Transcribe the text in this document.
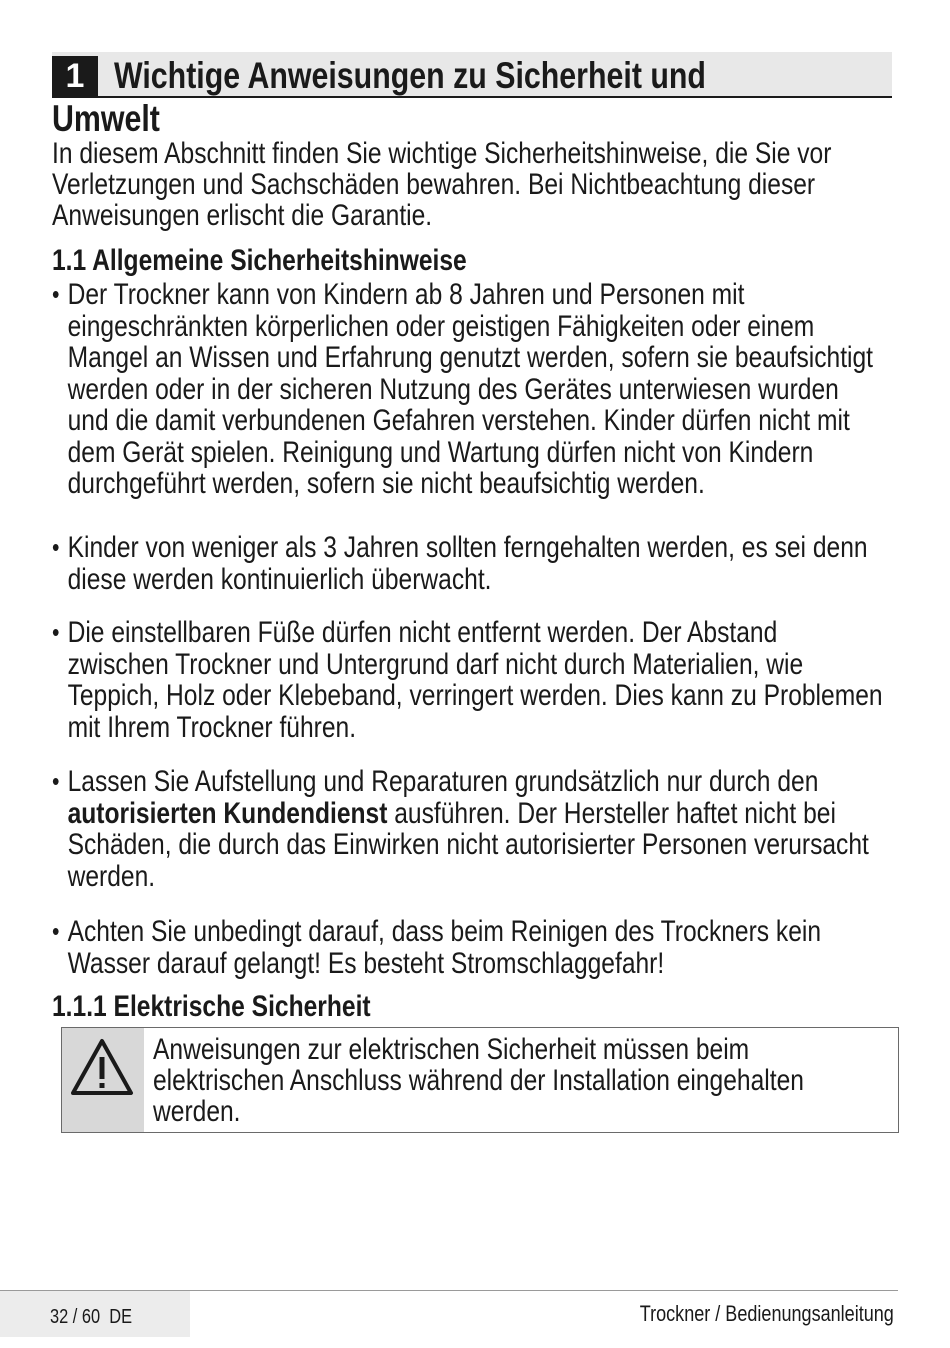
1 Wichtige Anweisungen zu Sicherheit und
Umwelt
In diesem Abschnitt finden Sie wichtige Sicherheitshinweise, die Sie vor
Verletzungen und Sachschäden bewahren. Bei Nichtbeachtung dieser
Anweisungen erlischt die Garantie.
1.1 Allgemeine Sicherheitshinweise
• Der Trockner kann von Kindern ab 8 Jahren und Personen mit
eingeschränkten körperlichen oder geistigen Fähigkeiten oder einem
Mangel an Wissen und Erfahrung genutzt werden, sofern sie beaufsichtigt
werden oder in der sicheren Nutzung des Gerätes unterwiesen wurden
und die damit verbundenen Gefahren verstehen. Kinder dürfen nicht mit
dem Gerät spielen. Reinigung und Wartung dürfen nicht von Kindern
durchgeführt werden, sofern sie nicht beaufsichtig werden.
• Kinder von weniger als 3 Jahren sollten ferngehalten werden, es sei denn
diese werden kontinuierlich überwacht.
• Die einstellbaren Füße dürfen nicht entfernt werden. Der Abstand
zwischen Trockner und Untergrund darf nicht durch Materialien, wie
Teppich, Holz oder Klebeband, verringert werden. Dies kann zu Problemen
mit Ihrem Trockner führen.
• Lassen Sie Aufstellung und Reparaturen grundsätzlich nur durch den
autorisierten Kundendienst ausführen. Der Hersteller haftet nicht bei
Schäden, die durch das Einwirken nicht autorisierter Personen verursacht
werden.
• Achten Sie unbedingt darauf, dass beim Reinigen des Trockners kein
Wasser darauf gelangt! Es besteht Stromschlaggefahr!
1.1.1 Elektrische Sicherheit
Anweisungen zur elektrischen Sicherheit müssen beim
elektrischen Anschluss während der Installation eingehalten
werden.
32 / 60 DE	Trockner / Bedienungsanleitung
